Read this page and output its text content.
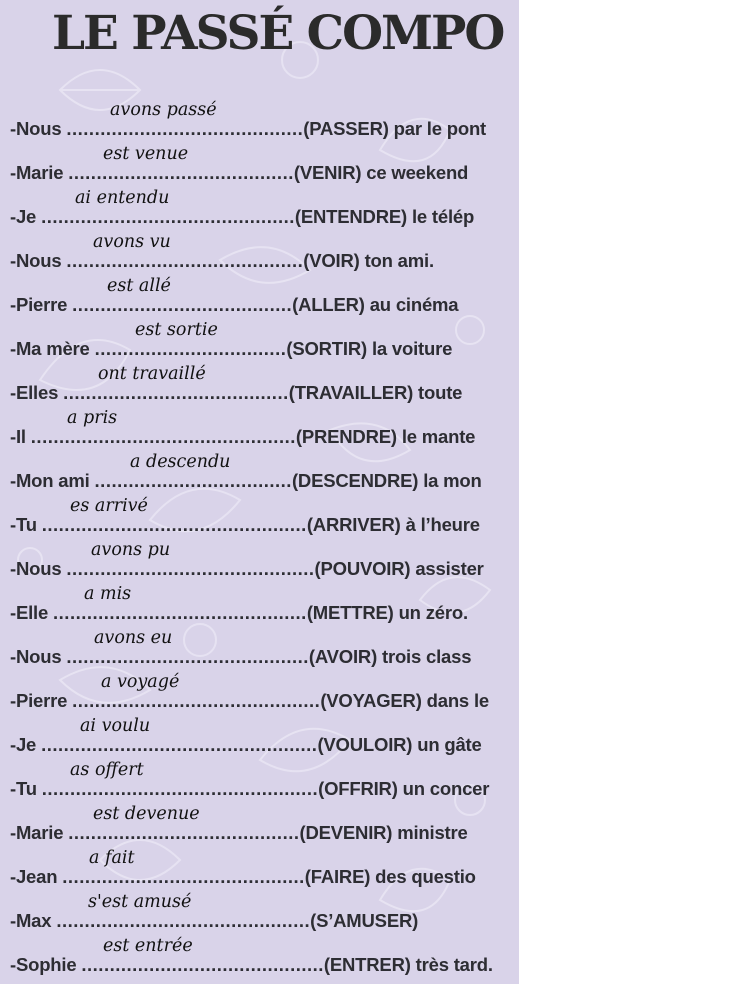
LE PASSÉ COMPO
-Nous ..........................................(PASSER) par le pont
avons passé
-Marie ........................................(VENIR) ce weekend
est venue
-Je .............................................(ENTENDRE) le télép
ai entendu
-Nous ..........................................(VOIR) ton ami.
avons vu
-Pierre .......................................(ALLER) au cinéma
est allé
-Ma mère ..................................(SORTIR) la voiture
est sortie
-Elles ........................................(TRAVAILLER) toute
ont travaillé
-Il ...............................................(PRENDRE) le mante
a pris
-Mon ami ...................................(DESCENDRE) la mon
a descendu
-Tu ...............................................(ARRIVER) à l’heure
es arrivé
-Nous ............................................(POUVOIR) assister
avons pu
-Elle .............................................(METTRE) un zéro.
a mis
-Nous ...........................................(AVOIR) trois class
avons eu
-Pierre ............................................(VOYAGER) dans le
a voyagé
-Je .................................................(VOULOIR) un gâte
ai voulu
-Tu .................................................(OFFRIR) un concer
as offert
-Marie .........................................(DEVENIR) ministre
est devenue
-Jean ...........................................(FAIRE) des questio
a fait
-Max .............................................(S’AMUSER)
s'est amusé
-Sophie ...........................................(ENTRER) très tard.
est entrée
